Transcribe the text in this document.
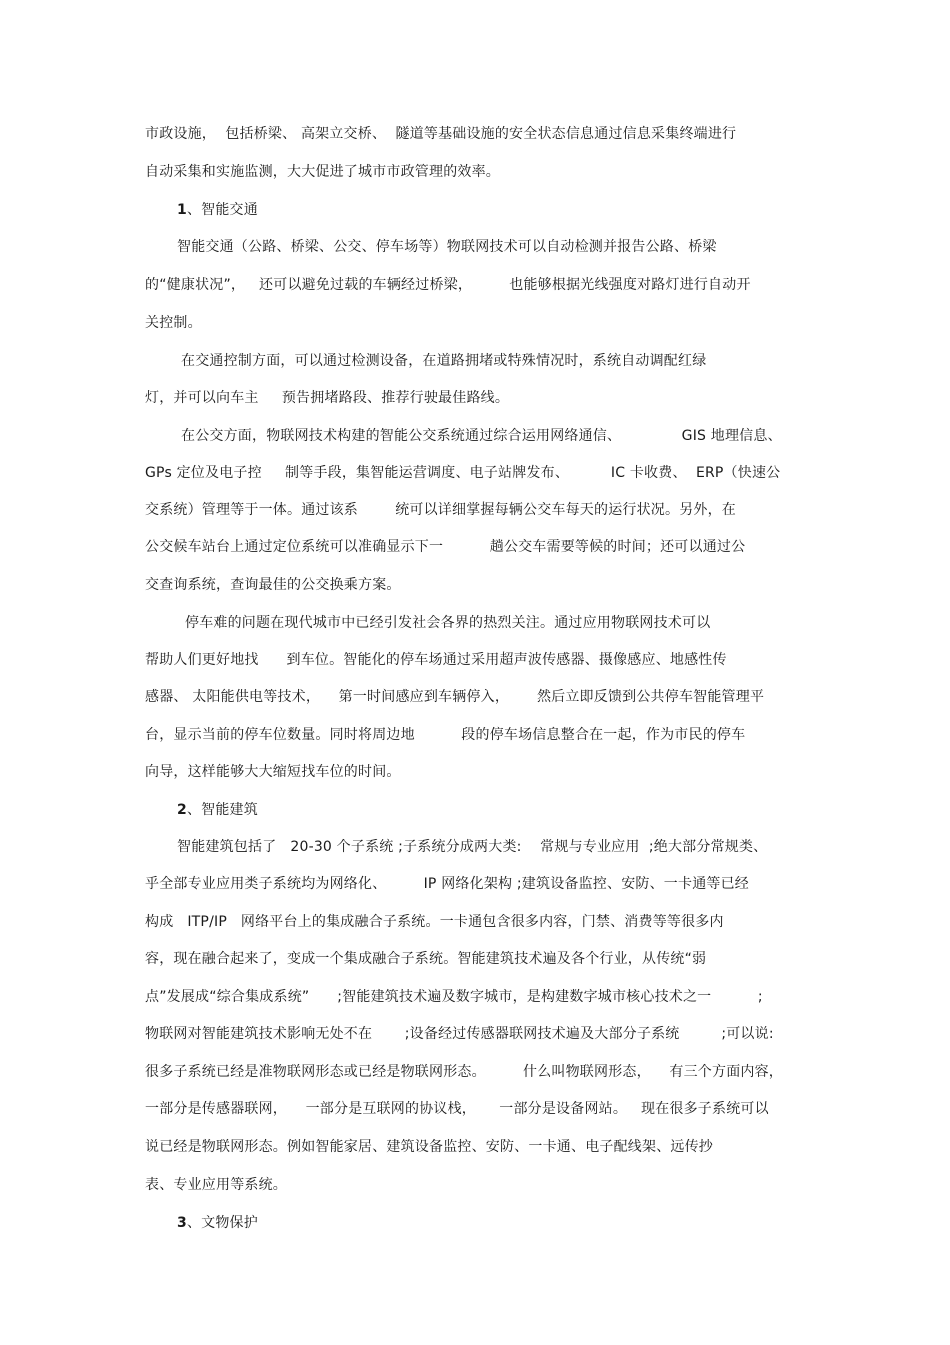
市政设施，  包括桥梁、 高架立交桥、  隧道等基础设施的安全状态信息通过信息采集终端进行
自动采集和实施监测，大大促进了城市市政管理的效率。
1、智能交通
智能交通（公路、桥梁、公交、停车场等）物联网技术可以自动检测并报告公路、桥梁
的“健康状况”，   还可以避免过载的车辆经过桥梁，        也能够根据光线强度对路灯进行自动开
关控制。
在交通控制方面，可以通过检测设备，在道路拥堵或特殊情况时，系统自动调配红绿
灯，并可以向车主     预告拥堵路段、推荐行驶最佳路线。
在公交方面，物联网技术构建的智能公交系统通过综合运用网络通信、             GIS 地理信息、
GPs 定位及电子控     制等手段，集智能运营调度、电子站牌发布、         IC 卡收费、  ERP（快速公
交系统）管理等于一体。通过该系        统可以详细掌握每辆公交车每天的运行状况。另外，在
公交候车站台上通过定位系统可以准确显示下一          趟公交车需要等候的时间；还可以通过公
交查询系统，查询最佳的公交换乘方案。
停车难的问题在现代城市中已经引发社会各界的热烈关注。通过应用物联网技术可以
帮助人们更好地找      到车位。智能化的停车场通过采用超声波传感器、摄像感应、地感性传
感器、 太阳能供电等技术，    第一时间感应到车辆停入，      然后立即反馈到公共停车智能管理平
台，显示当前的停车位数量。同时将周边地          段的停车场信息整合在一起，作为市民的停车
向导，这样能够大大缩短找车位的时间。
2、智能建筑
智能建筑包括了   20-30 个子系统 ;子系统分成两大类:    常规与专业应用  ;绝大部分常规类、
乎全部专业应用类子系统均为网络化、        IP 网络化架构 ;建筑设备监控、安防、一卡通等已经
构成   ITP/IP   网络平台上的集成融合子系统。一卡通包含很多内容，门禁、消费等等很多内
容，现在融合起来了，变成一个集成融合子系统。智能建筑技术遍及各个行业，从传统“弱
点”发展成“综合集成系统”      ;智能建筑技术遍及数字城市，是构建数字城市核心技术之一          ;
物联网对智能建筑技术影响无处不在       ;设备经过传感器联网技术遍及大部分子系统         ;可以说:
很多子系统已经是准物联网形态或已经是物联网形态。        什么叫物联网形态，    有三个方面内容，
一部分是传感器联网，    一部分是互联网的协议栈，     一部分是设备网站。   现在很多子系统可以
说已经是物联网形态。例如智能家居、建筑设备监控、安防、一卡通、电子配线架、远传抄
表、专业应用等系统。
3、文物保护
